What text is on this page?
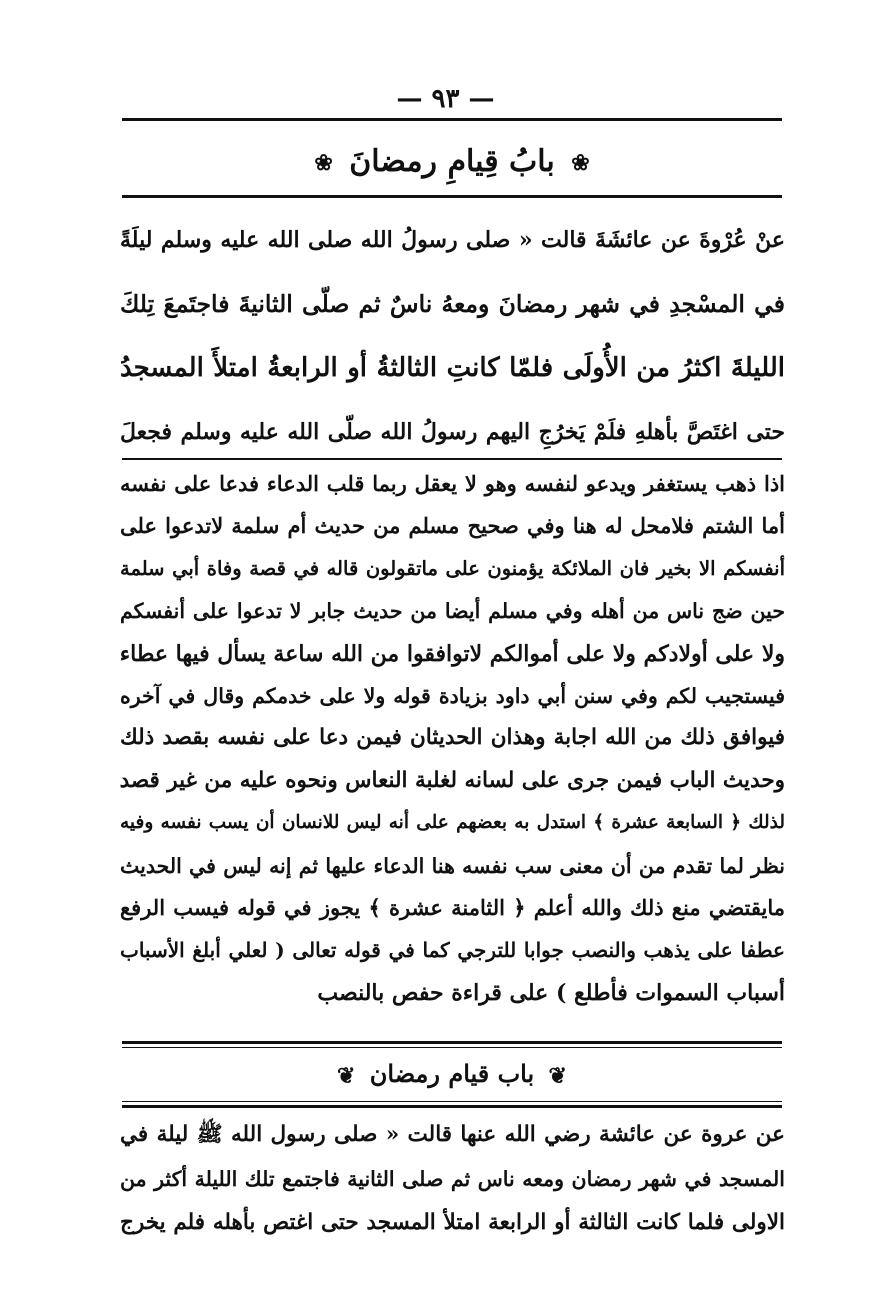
— ٩٣ —
❀ بابُ قِيامِ رمضانَ ❀
عنْ عُرْوةَ عن عائشَةَ قالت « صلى رسولُ الله صلى الله عليه وسلم ليلَةً
في المسْجدِ في شهر رمضانَ ومعهُ ناسٌ ثم صلّى الثانيةَ فاجتَمعَ تِلكَ
الليلةَ اكثرُ من الأُولَى فلمّا كانتِ الثالثةُ أو الرابعةُ امتلأَ المسجدُ
حتى اغتَصَّ بأهلهِ فلَمْ يَخرُجِ اليهم رسولُ الله صلّى الله عليه وسلم فجعلَ
اذا ذهب يستغفر ويدعو لنفسه وهو لا يعقل ربما قلب الدعاء فدعا على نفسه
أما الشتم فلامحل له هنا وفي صحيح مسلم من حديث أم سلمة لاتدعوا على
أنفسكم الا بخير فان الملائكة يؤمنون على ماتقولون قاله في قصة وفاة أبي سلمة
حين ضج ناس من أهله وفي مسلم أيضا من حديث جابر لا تدعوا على أنفسكم
ولا على أولادكم ولا على أموالكم لاتوافقوا من الله ساعة يسأل فيها عطاء
فيستجيب لكم وفي سنن أبي داود بزيادة قوله ولا على خدمكم وقال في آخره
فيوافق ذلك من الله اجابة وهذان الحديثان فيمن دعا على نفسه بقصد ذلك
وحديث الباب فيمن جرى على لسانه لغلبة النعاس ونحوه عليه من غير قصد
لذلك ﴿ السابعة عشرة ﴾ استدل به بعضهم على أنه ليس للانسان أن يسب نفسه وفيه
نظر لما تقدم من أن معنى سب نفسه هنا الدعاء عليها ثم إنه ليس في الحديث
مايقتضي منع ذلك والله أعلم ﴿ الثامنة عشرة ﴾ يجوز في قوله فيسب الرفع
عطفا على يذهب والنصب جوابا للترجي كما في قوله تعالى ( لعلي أبلغ الأسباب
أسباب السموات فأطلع ) على قراءة حفص بالنصب
❦ باب قيام رمضان ❦
عن عروة عن عائشة رضي الله عنها قالت « صلى رسول الله ﷺ ليلة في
المسجد في شهر رمضان ومعه ناس ثم صلى الثانية فاجتمع تلك الليلة أكثر من
الاولى فلما كانت الثالثة أو الرابعة امتلأ المسجد حتى اغتص بأهله فلم يخرج
